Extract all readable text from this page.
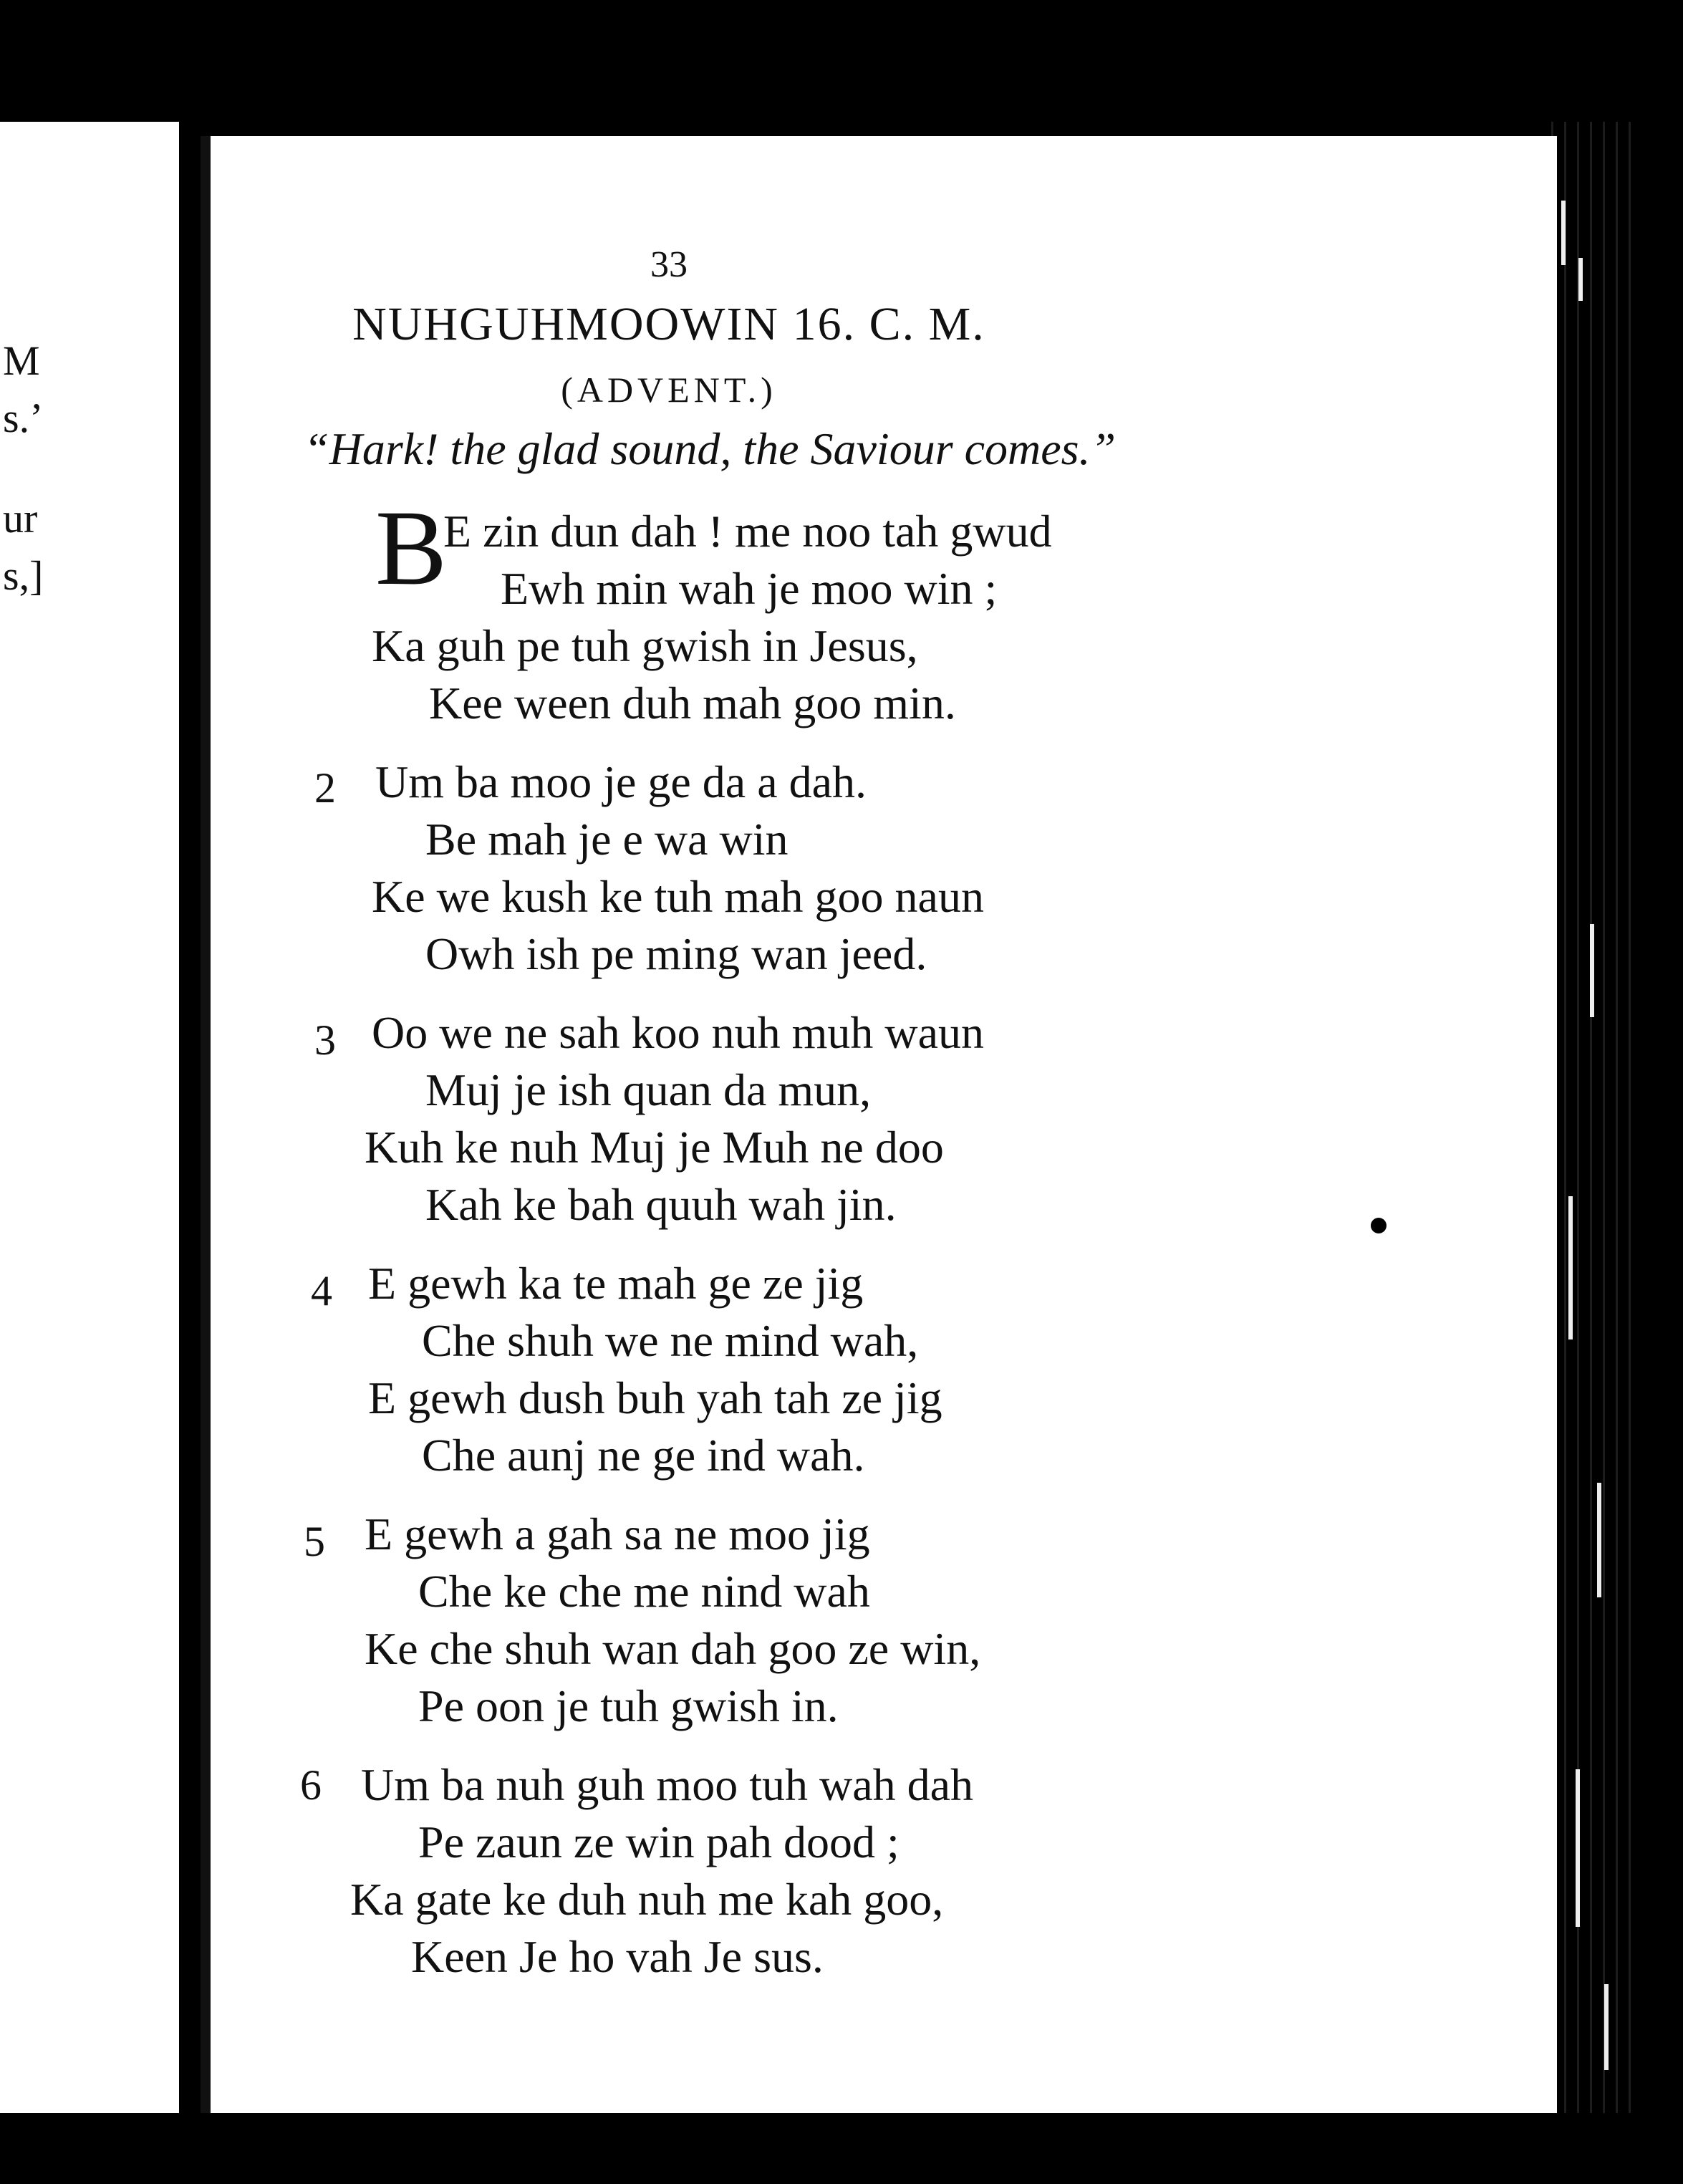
M
s.’
ur
s,]
33
NUHGUHMOOWIN 16. C. M.
(ADVENT.)
“Hark! the glad sound, the Saviour comes.”
B
E zin dun dah ! me noo tah gwud
Ewh min wah je moo win ;
Ka guh pe tuh gwish in Jesus,
Kee ween duh mah goo min.
2 Um ba moo je ge da a dah.
Be mah je e wa win
Ke we kush ke tuh mah goo naun
Owh ish pe ming wan jeed.
3 Oo we ne sah koo nuh muh waun
Muj je ish quan da mun,
Kuh ke nuh Muj je Muh ne doo
Kah ke bah quuh wah jin.
4 E gewh ka te mah ge ze jig
Che shuh we ne mind wah,
E gewh dush buh yah tah ze jig
Che aunj ne ge ind wah.
5 E gewh a gah sa ne moo jig
Che ke che me nind wah
Ke che shuh wan dah goo ze win,
Pe oon je tuh gwish in.
6 Um ba nuh guh moo tuh wah dah
Pe zaun ze win pah dood ;
Ka gate ke duh nuh me kah goo,
Keen Je ho vah Je sus.
